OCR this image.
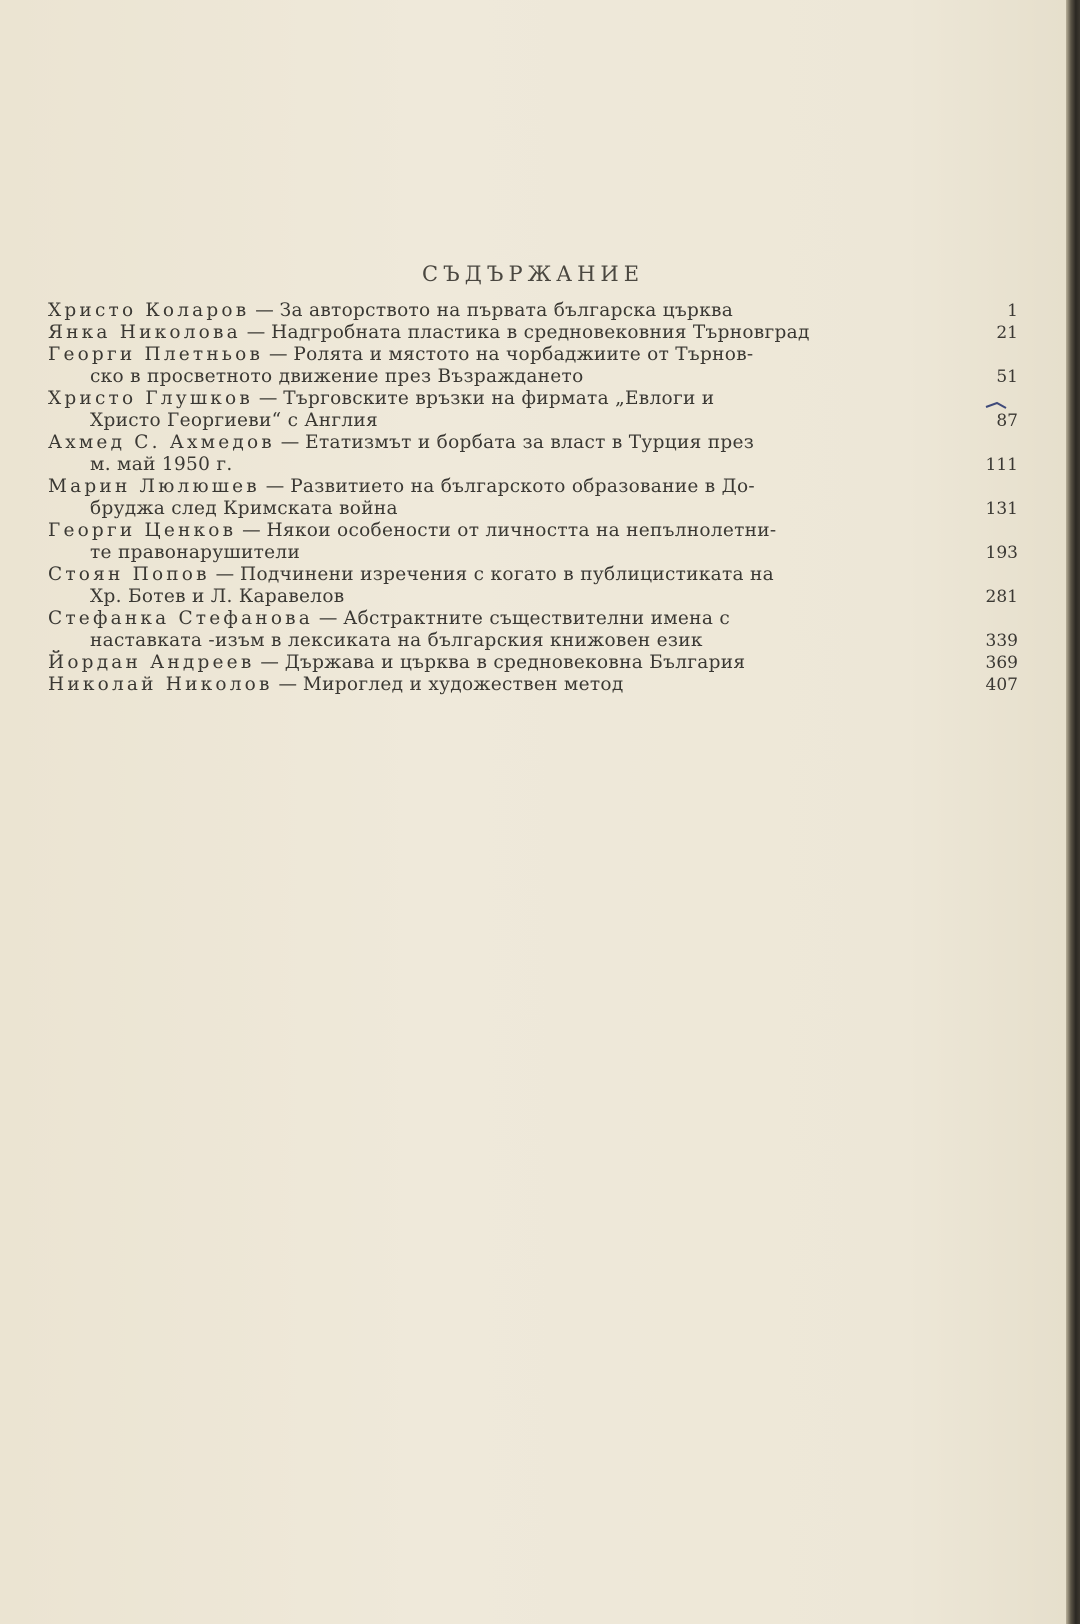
СЪДЪРЖАНИЕ
Христо Коларов — За авторството на първата българска църква	1
Янка Николова — Надгробната пластика в средновековния Търновград	21
Георги Плетньов — Ролята и мястото на чорбаджиите от Търнов-
ско в просветното движение през Възраждането	51
Христо Глушков — Търговските връзки на фирмата „Евлоги и
Христо Георгиеви“ с Англия	87
Ахмед С. Ахмедов — Етатизмът и борбата за власт в Турция през
м. май 1950 г.	111
Марин Люлюшев — Развитието на българското образование в До-
бруджа след Кримската война	131
Георги Ценков — Някои особености от личността на непълнолетни-
те правонарушители	193
Стоян Попов — Подчинени изречения с когато в публицистиката на
Хр. Ботев и Л. Каравелов	281
Стефанка Стефанова — Абстрактните съществителни имена с
наставката -изъм в лексиката на българския книжовен език	339
Йордан Андреев — Държава и църква в средновековна България	369
Николай Николов — Мироглед и художествен метод	407
